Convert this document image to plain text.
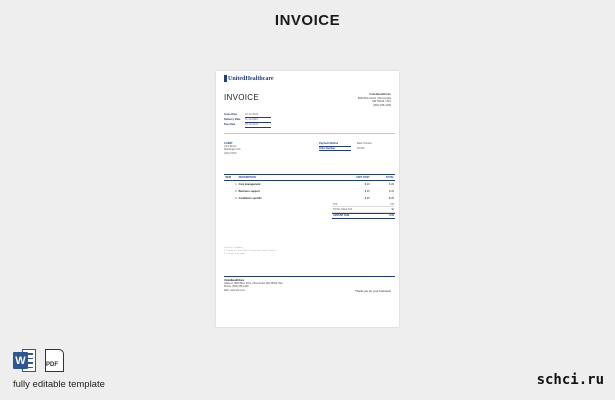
INVOICE
UnitedHealthcare
INVOICE	UnitedHealthCare
9900 Bren Rd E, Minnetonka
MN 55343, USA
(952) 936-1300
Issue Date	10.10.2023
Delivery Date	11.10.2023
Due Date	25.10.2023
CLIENT
John Brown
Washington DC
(202) XXXX
Payment Method	Bank Transfer
Order Number	PO123
ITEM	DESCRIPTION	UNIT COST	TOTAL
1	Care management	$ 20	$ 20
2	Business support	$ 15	$ 15
3	Conditions specific	$ 25	$ 25
TAX	0%
TOTAL SALE TAX	$0
AMOUNT DUE	$ 60
Terms & Conditions
1. Payment is due within 15 days from date of invoice
2. Late fee may apply
UnitedHealthCare
Address: 9900 Bren Rd E, Minnetonka, MN 55343 USA
Phone: (952) 936-1300
Web: www.uhc.com	Thank you for your business!
W	PDF
fully editable template	schci.ru
